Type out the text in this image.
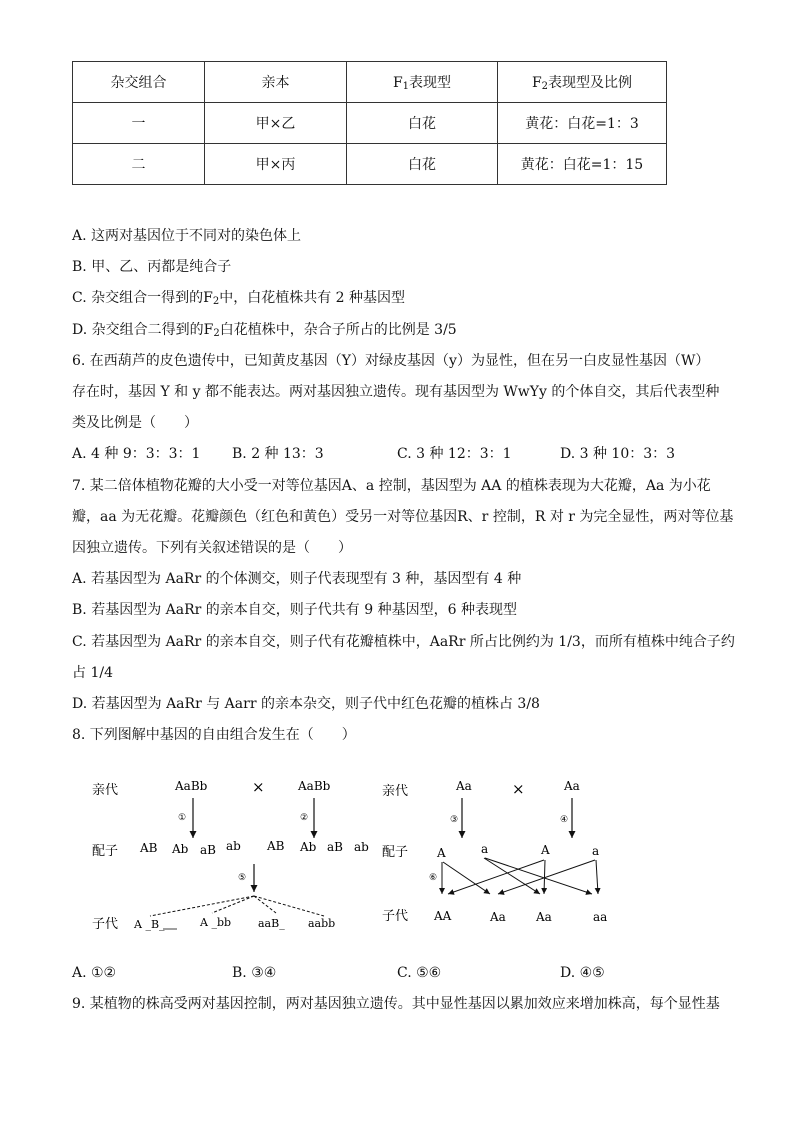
杂交组合	亲本	$F_1$表现型	$F_2$表现型及比例
一	甲×乙	白花	黄花：白花=1：3
二	甲×丙	白花	黄花：白花=1：15
A. 这两对基因位于不同对的染色体上
B. 甲、乙、丙都是纯合子
C. 杂交组合一得到的$F_2$中，白花植株共有 2 种基因型
D. 杂交组合二得到的$F_2$白花植株中，杂合子所占的比例是 3/5
6. 在西葫芦的皮色遗传中，已知黄皮基因（Y）对绿皮基因（y）为显性，但在另一白皮显性基因（W）
存在时，基因 Y 和 y 都不能表达。两对基因独立遗传。现有基因型为 WwYy 的个体自交，其后代表型种
类及比例是（　　）
A. 4 种 9：3：3：1 B. 2 种 13：3	C. 3 种 12：3：1	D. 3 种 10：3：3
7. 某二倍体植物花瓣的大小受一对等位基因A、a 控制，基因型为 AA 的植株表现为大花瓣，Aa 为小花
瓣，aa 为无花瓣。花瓣颜色（红色和黄色）受另一对等位基因R、r 控制，R 对 r 为完全显性，两对等位基
因独立遗传。下列有关叙述错误的是（　　）
A. 若基因型为 AaRr 的个体测交，则子代表现型有 3 种，基因型有 4 种
B. 若基因型为 AaRr 的亲本自交，则子代共有 9 种基因型，6 种表现型
C. 若基因型为 AaRr 的亲本自交，则子代有花瓣植株中，AaRr 所占比例约为 1/3，而所有植株中纯合子约
占 1/4
D. 若基因型为 AaRr 与 Aarr 的亲本杂交，则子代中红色花瓣的植株占 3/8
8. 下列图解中基因的自由组合发生在（　　）
亲代
配子
子代
AaBb	×	AaBb
①	②
AB Ab aB ab AB Ab aB ab
⑤
A _B_	A _bb aaB_ aabb
亲代
配子
子代
Aa	×	Aa
③	④
A	a	A	a
⑥
AA	Aa	Aa	aa
A. ①②	B. ③④	C. ⑤⑥	D. ④⑤
9. 某植物的株高受两对基因控制，两对基因独立遗传。其中显性基因以累加效应来增加株高，每个显性基
